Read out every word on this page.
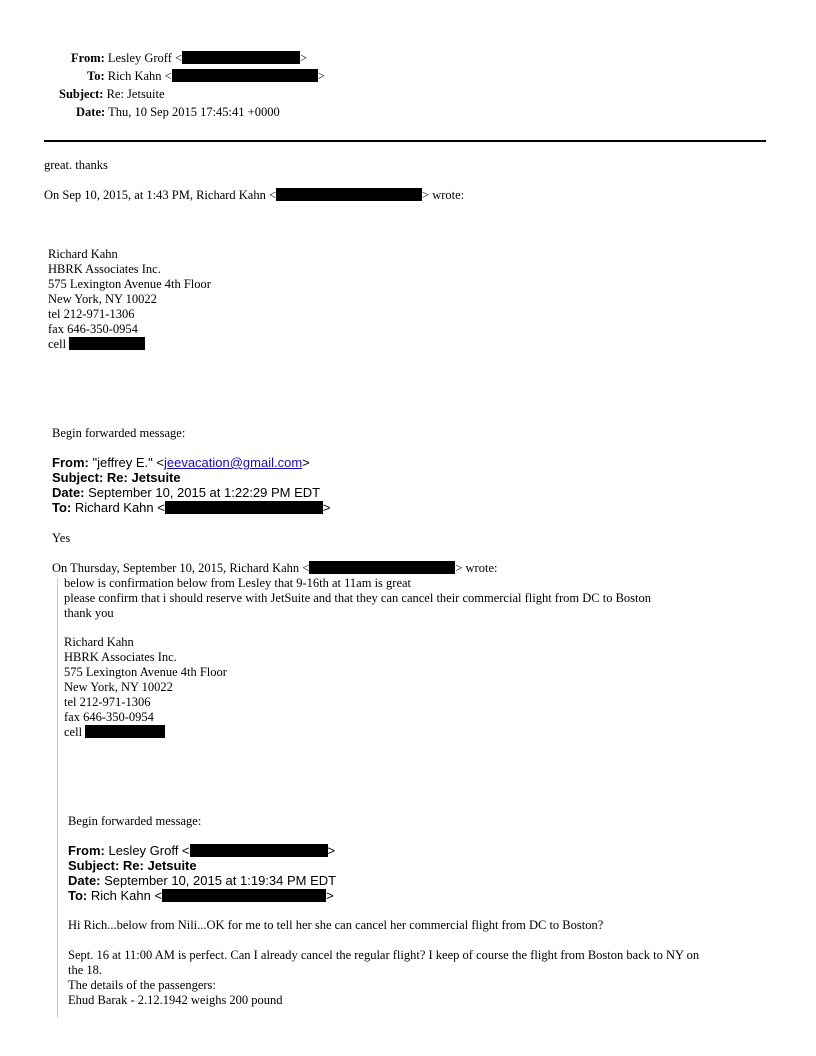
From: Lesley Groff <	>
To: Rich Kahn <	>
Subject: Re: Jetsuite
Date: Thu, 10 Sep 2015 17:45:41 +0000
great. thanks
On Sep 10, 2015, at 1:43 PM, Richard Kahn <	> wrote:
Richard Kahn
HBRK Associates Inc.
575 Lexington Avenue 4th Floor
New York, NY 10022
tel 212-971-1306
fax 646-350-0954
cell
Begin forwarded message:
From: "jeffrey E." <jeevacation@gmail.com>
Subject: Re: Jetsuite
Date: September 10, 2015 at 1:22:29 PM EDT
To: Richard Kahn <	>
Yes
On Thursday, September 10, 2015, Richard Kahn <	> wrote:
below is confirmation below from Lesley that 9-16th at 11am is great
please confirm that i should reserve with JetSuite and that they can cancel their commercial flight from DC to Boston
thank you
Richard Kahn
HBRK Associates Inc.
575 Lexington Avenue 4th Floor
New York, NY 10022
tel 212-971-1306
fax 646-350-0954
cell
Begin forwarded message:
From: Lesley Groff <	>
Subject: Re: Jetsuite
Date: September 10, 2015 at 1:19:34 PM EDT
To: Rich Kahn <	>
Hi Rich...below from Nili...OK for me to tell her she can cancel her commercial flight from DC to Boston?
Sept. 16 at 11:00 AM is perfect. Can I already cancel the regular flight? I keep of course the flight from Boston back to NY on
the 18.
The details of the passengers:
Ehud Barak - 2.12.1942 weighs 200 pound
